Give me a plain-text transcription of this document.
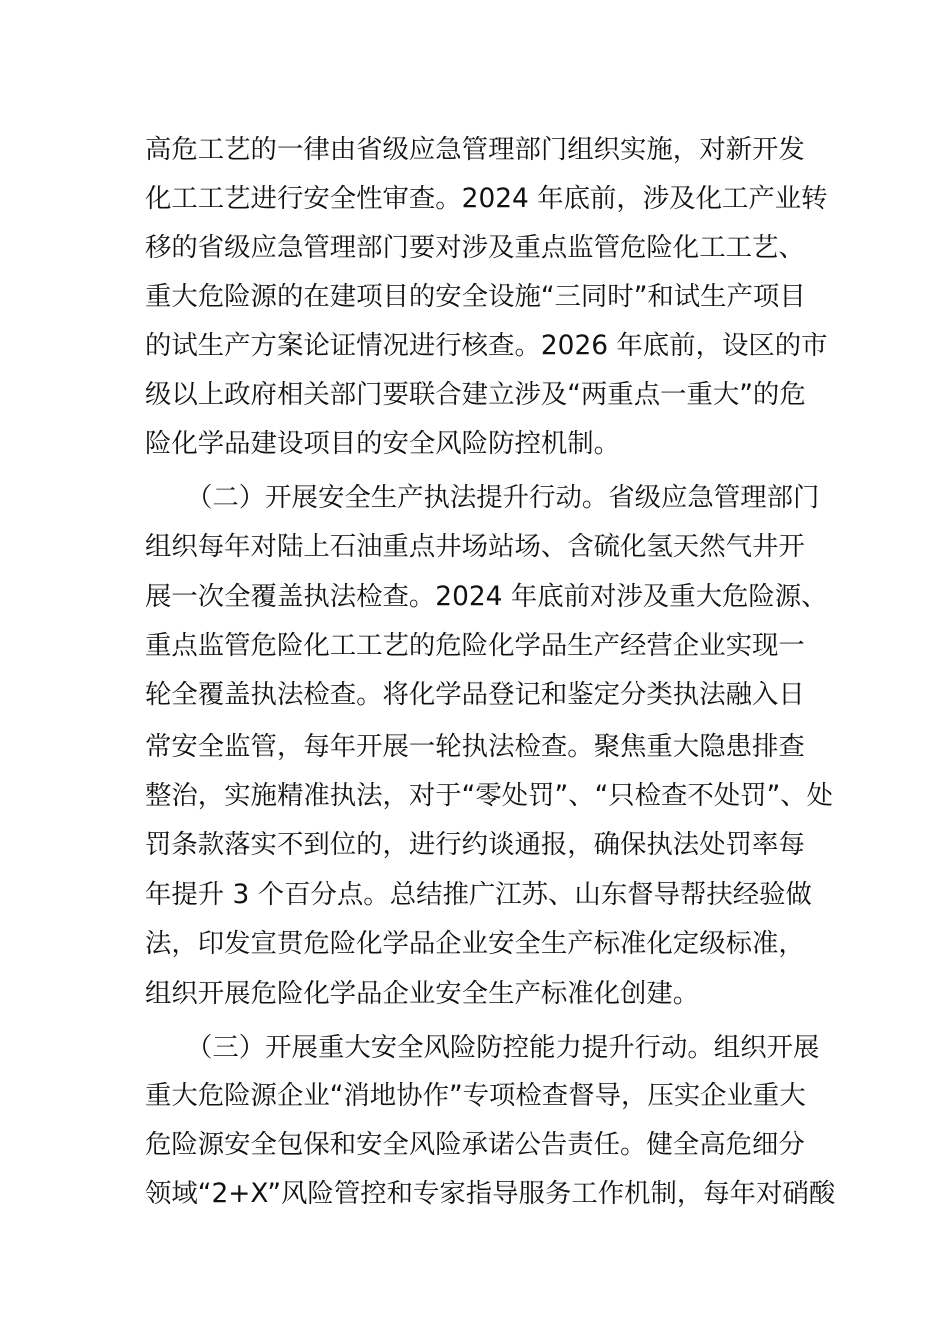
高危工艺的一律由省级应急管理部门组织实施，对新开发
化工工艺进行安全性审查。2024 年底前，涉及化工产业转
移的省级应急管理部门要对涉及重点监管危险化工工艺、
重大危险源的在建项目的安全设施“三同时”和试生产项目
的试生产方案论证情况进行核查。2026 年底前，设区的市
级以上政府相关部门要联合建立涉及“两重点一重大”的危
险化学品建设项目的安全风险防控机制。
（二）开展安全生产执法提升行动。省级应急管理部门
组织每年对陆上石油重点井场站场、含硫化氢天然气井开
展一次全覆盖执法检查。2024 年底前对涉及重大危险源、
重点监管危险化工工艺的危险化学品生产经营企业实现一
轮全覆盖执法检查。将化学品登记和鉴定分类执法融入日
常安全监管，每年开展一轮执法检查。聚焦重大隐患排查
整治，实施精准执法，对于“零处罚”、“只检查不处罚”、处
罚条款落实不到位的，进行约谈通报，确保执法处罚率每
年提升 3 个百分点。总结推广江苏、山东督导帮扶经验做
法，印发宣贯危险化学品企业安全生产标准化定级标准，
组织开展危险化学品企业安全生产标准化创建。
（三）开展重大安全风险防控能力提升行动。组织开展
重大危险源企业“消地协作”专项检查督导，压实企业重大
危险源安全包保和安全风险承诺公告责任。健全高危细分
领域“2+X”风险管控和专家指导服务工作机制，每年对硝酸
